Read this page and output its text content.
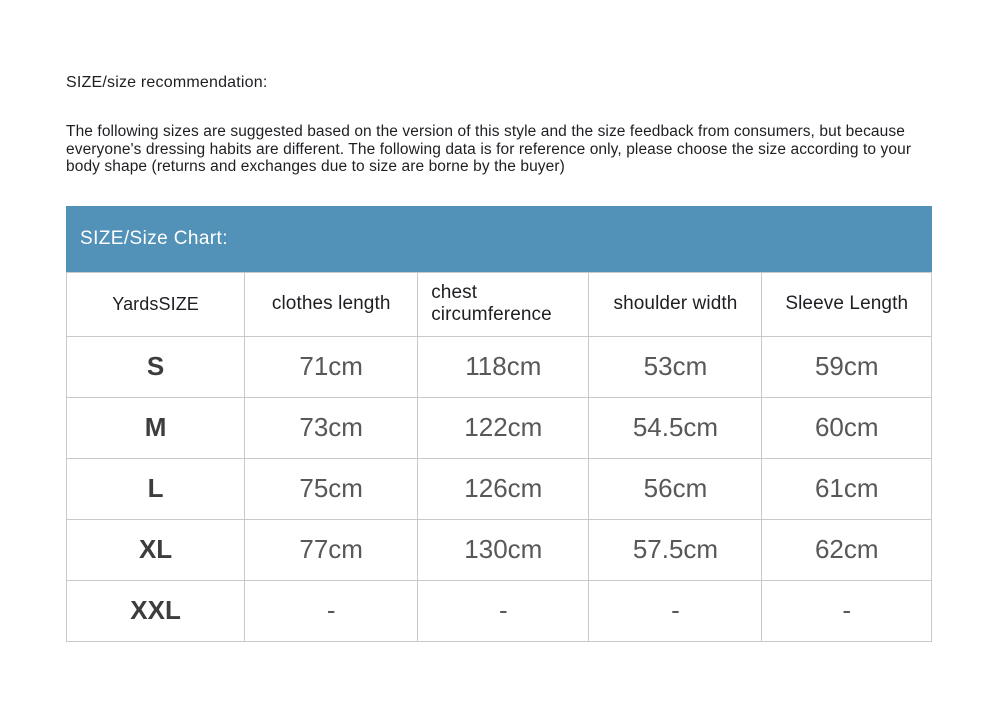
SIZE/size recommendation:

The following sizes are suggested based on the version of this style and the size feedback from consumers, but because everyone's dressing habits are different. The following data is for reference only, please choose the size according to your body shape (returns and exchanges due to size are borne by the buyer)

SIZE/Size Chart:
YardsSIZE	clothes length	chest circumference	shoulder width	Sleeve Length
S	71cm	118cm	53cm	59cm
M	73cm	122cm	54.5cm	60cm
L	75cm	126cm	56cm	61cm
XL	77cm	130cm	57.5cm	62cm
XXL	-	-	-	-
